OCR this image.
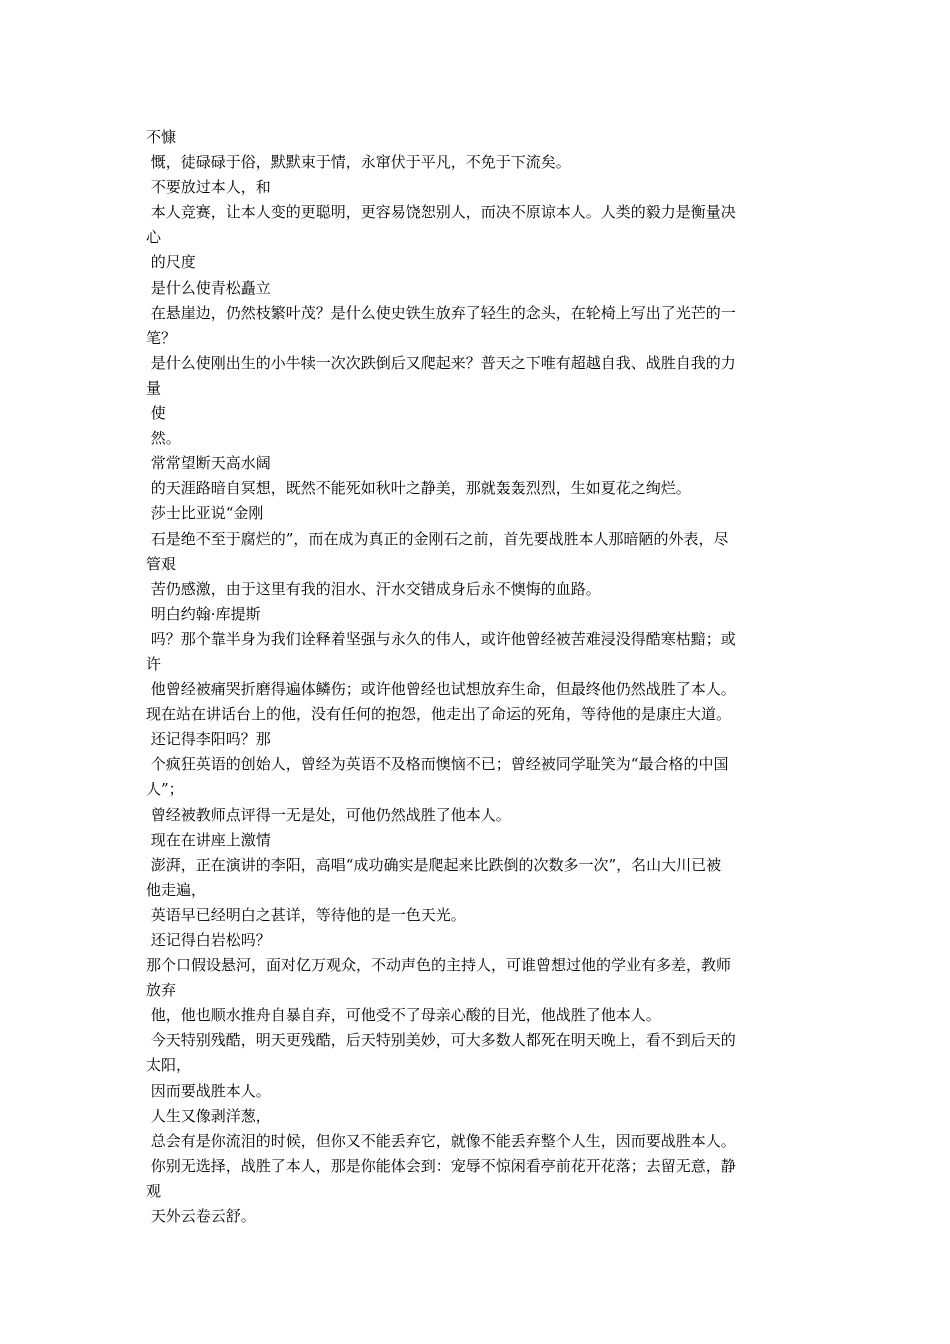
不慷
慨，徒碌碌于俗，默默束于情，永窜伏于平凡，不免于下流矣。
不要放过本人，和
本人竞赛，让本人变的更聪明，更容易饶恕别人，而决不原谅本人。人类的毅力是衡量决
心
的尺度
是什么使青松矗立
在悬崖边，仍然枝繁叶茂？是什么使史铁生放弃了轻生的念头，在轮椅上写出了光芒的一
笔？
是什么使刚出生的小牛犊一次次跌倒后又爬起来？普天之下唯有超越自我、战胜自我的力
量
使
然。
常常望断天高水阔
的天涯路暗自冥想，既然不能死如秋叶之静美，那就轰轰烈烈，生如夏花之绚烂。
莎士比亚说“金刚
石是绝不至于腐烂的”，而在成为真正的金刚石之前，首先要战胜本人那暗陋的外表，尽
管艰
苦仍感激，由于这里有我的泪水、汗水交错成身后永不懊悔的血路。
明白约翰·库提斯
吗？那个靠半身为我们诠释着坚强与永久的伟人，或许他曾经被苦难浸没得酷寒枯黯；或
许
他曾经被痛哭折磨得遍体鳞伤；或许他曾经也试想放弃生命，但最终他仍然战胜了本人。
现在站在讲话台上的他，没有任何的抱怨，他走出了命运的死角，等待他的是康庄大道。
还记得李阳吗？那
个疯狂英语的创始人，曾经为英语不及格而懊恼不已；曾经被同学耻笑为“最合格的中国
人”；
曾经被教师点评得一无是处，可他仍然战胜了他本人。
现在在讲座上激情
澎湃，正在演讲的李阳，高唱“成功确实是爬起来比跌倒的次数多一次”，名山大川已被
他走遍，
英语早已经明白之甚详，等待他的是一色天光。
还记得白岩松吗？
那个口假设悬河，面对亿万观众，不动声色的主持人，可谁曾想过他的学业有多差，教师
放弃
他，他也顺水推舟自暴自弃，可他受不了母亲心酸的目光，他战胜了他本人。
今天特别残酷，明天更残酷，后天特别美妙，可大多数人都死在明天晚上，看不到后天的
太阳，
因而要战胜本人。
人生又像剥洋葱，
总会有是你流泪的时候，但你又不能丢弃它，就像不能丢弃整个人生，因而要战胜本人。
你别无选择，战胜了本人，那是你能体会到：宠辱不惊闲看亭前花开花落；去留无意，静
观
天外云卷云舒。
